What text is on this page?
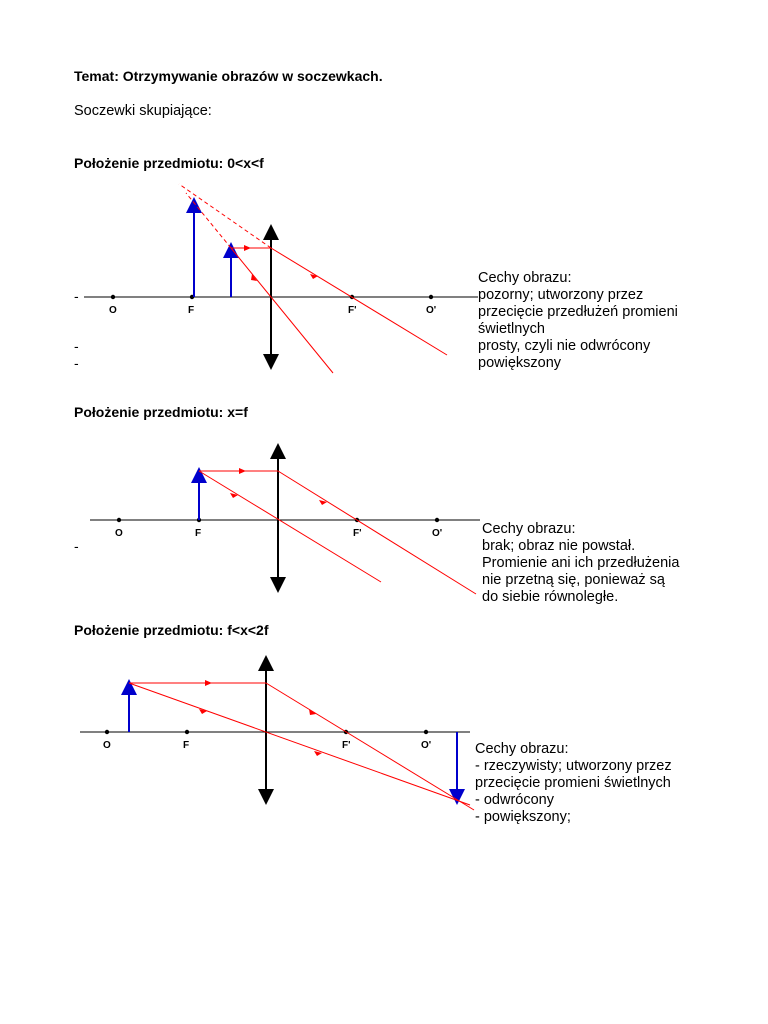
Temat: Otrzymywanie obrazów w soczewkach.
Soczewki skupiające:
Położenie przedmiotu: 0<x<f
O	F	F'	O'
-
-
-
Cechy obrazu:
pozorny; utworzony przez
przecięcie przedłużeń promieni
świetlnych
prosty, czyli nie odwrócony
powiększony
Położenie przedmiotu: x=f
O	F	F'	O'
-
Cechy obrazu:
brak; obraz nie powstał.
Promienie ani ich przedłużenia
nie przetną się, ponieważ są
do siebie równoległe.
Położenie przedmiotu: f<x<2f
O	F	F'	O'	Cechy obrazu:
- rzeczywisty; utworzony przez
przecięcie promieni świetlnych
- odwrócony
- powiększony;
